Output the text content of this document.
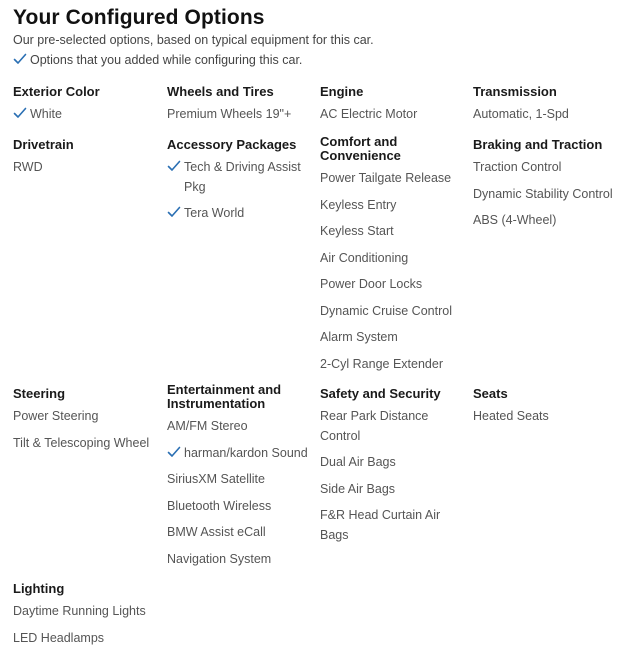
Your Configured Options
Our pre-selected options, based on typical equipment for this car.
Options that you added while configuring this car.
Exterior Color
White
Wheels and Tires
Premium Wheels 19"+
Engine
AC Electric Motor
Transmission
Automatic, 1-Spd
Drivetrain
RWD
Accessory Packages
Tech & Driving Assist Pkg
Tera World
Comfort and Convenience
Power Tailgate Release
Keyless Entry
Keyless Start
Air Conditioning
Power Door Locks
Dynamic Cruise Control
Alarm System
2-Cyl Range Extender
Braking and Traction
Traction Control
Dynamic Stability Control
ABS (4-Wheel)
Steering
Power Steering
Tilt & Telescoping Wheel
Entertainment and Instrumentation
AM/FM Stereo
harman/kardon Sound
SiriusXM Satellite
Bluetooth Wireless
BMW Assist eCall
Navigation System
Safety and Security
Rear Park Distance Control
Dual Air Bags
Side Air Bags
F&R Head Curtain Air Bags
Seats
Heated Seats
Lighting
Daytime Running Lights
LED Headlamps
